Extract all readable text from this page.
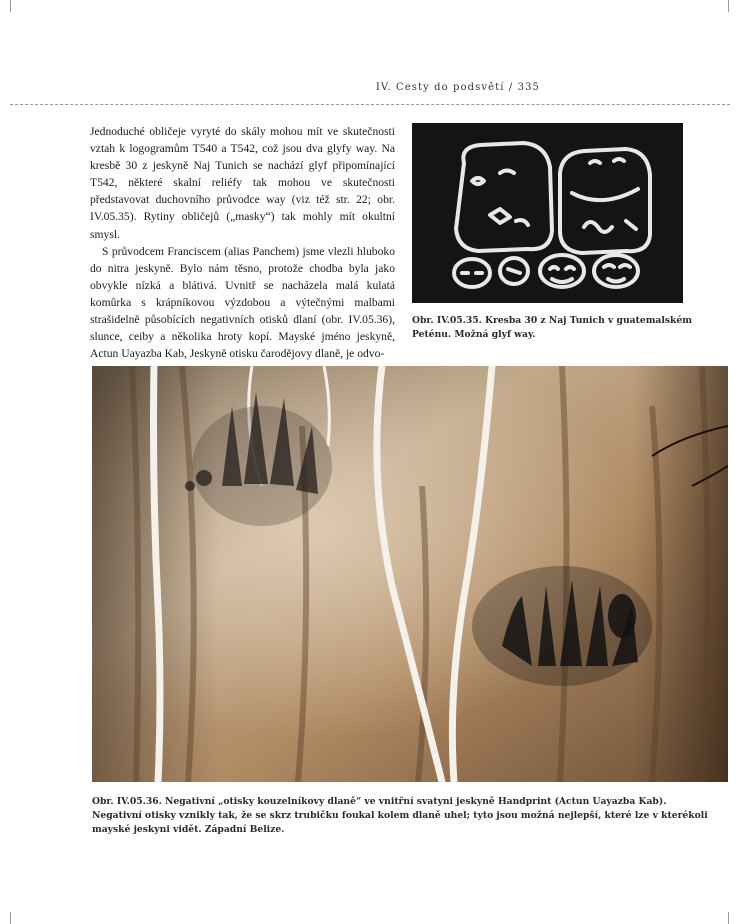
IV. Cesty do podsvětí / 335

Jednoduché obličeje vyryté do skály mohou mít ve skutečnosti vztah k logogramům T540 a T542, což jsou dva glyfy way. Na kresbě 30 z jeskyně Naj Tunich se nachází glyf připomínající T542, některé skalní reliéfy tak mohou ve skutečnosti představovat duchovního průvodce way (viz též str. 22; obr. IV.05.35). Rytiny obličejů („masky“) tak mohly mít okultní smysl.

S průvodcem Franciscem (alias Panchem) jsme vlezli hluboko do nitra jeskyně. Bylo nám těsno, protože chodba byla jako obvykle nízká a blátivá. Uvnitř se nacházela malá kulatá komůrka s krápníkovou výzdobou a výtečnými malbami strašidelně působících negativních otisků dlaní (obr. IV.05.36), slunce, ceiby a několika hroty kopí. Mayské jméno jeskyně, Actun Uayazba Kab, Jeskyně otisku čarodějovy dlaně, je odvo-

Obr. IV.05.35. Kresba 30 z Naj Tunich v guatemalském Peténu. Možná glyf way.
Obr. IV.05.36. Negativní „otisky kouzelníkovy dlaně“ ve vnitřní svatyni jeskyně Handprint (Actun Uayazba Kab). Negativní otisky vznikly tak, že se skrz trubičku foukal kolem dlaně uhel; tyto jsou možná nejlepší, které lze v kterékoli mayské jeskyni vidět. Západní Belize.
